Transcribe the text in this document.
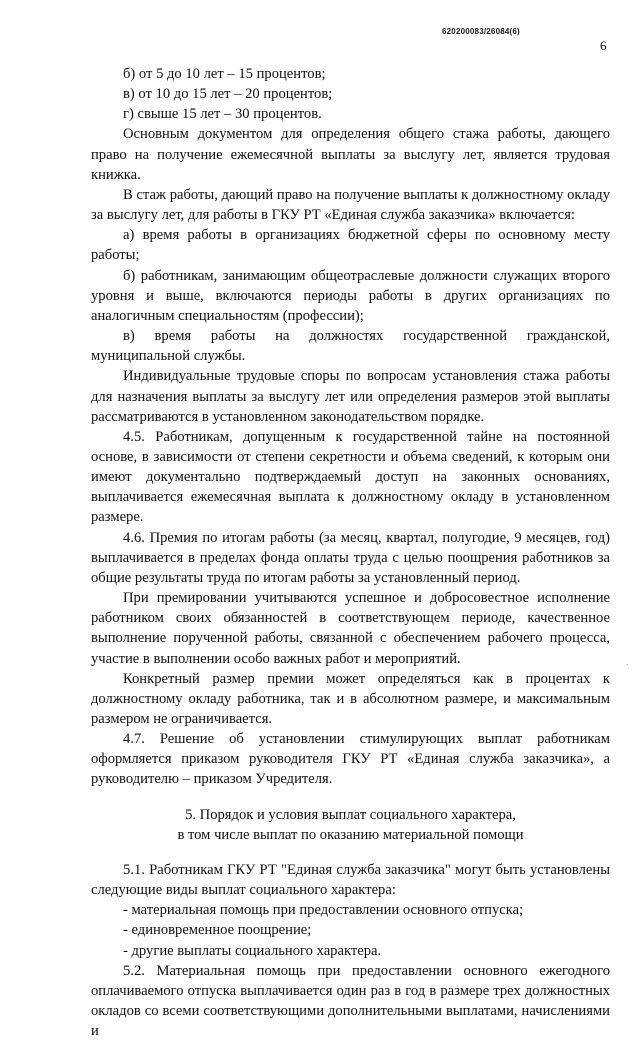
620200083/26084(6)
6

б) от 5 до 10 лет – 15 процентов;

в) от 10 до 15 лет – 20 процентов;

г) свыше 15 лет – 30 процентов.

Основным документом для определения общего стажа работы, дающего право на получение ежемесячной выплаты за выслугу лет, является трудовая книжка.

В стаж работы, дающий право на получение выплаты к должностному окладу за выслугу лет, для работы в ГКУ РТ «Единая служба заказчика» включается:

а) время работы в организациях бюджетной сферы по основному месту работы;

б) работникам, занимающим общеотраслевые должности служащих второго уровня и выше, включаются периоды работы в других организациях по аналогичным специальностям (профессии);

в) время работы на должностях государственной гражданской, муниципальной службы.

Индивидуальные трудовые споры по вопросам установления стажа работы для назначения выплаты за выслугу лет или определения размеров этой выплаты рассматриваются в установленном законодательством порядке.

4.5. Работникам, допущенным к государственной тайне на постоянной основе, в зависимости от степени секретности и объема сведений, к которым они имеют документально подтверждаемый доступ на законных основаниях, выплачивается ежемесячная выплата к должностному окладу в установленном размере.

4.6. Премия по итогам работы (за месяц, квартал, полугодие, 9 месяцев, год) выплачивается в пределах фонда оплаты труда с целью поощрения работников за общие результаты труда по итогам работы за установленный период.

При премировании учитываются успешное и добросовестное исполнение работником своих обязанностей в соответствующем периоде, качественное выполнение порученной работы, связанной с обеспечением рабочего процесса, участие в выполнении особо важных работ и мероприятий.

Конкретный размер премии может определяться как в процентах к должностному окладу работника, так и в абсолютном размере, и максимальным размером не ограничивается.

4.7. Решение об установлении стимулирующих выплат работникам оформляется приказом руководителя ГКУ РТ «Единая служба заказчика», а руководителю – приказом Учредителя.

5. Порядок и условия выплат социального характера,
в том числе выплат по оказанию материальной помощи

5.1. Работникам ГКУ РТ "Единая служба заказчика" могут быть установлены следующие виды выплат социального характера:

- материальная помощь при предоставлении основного отпуска;

- единовременное поощрение;

- другие выплаты социального характера.

5.2. Материальная помощь при предоставлении основного ежегодного оплачиваемого отпуска выплачивается один раз в год в размере трех должностных окладов со всеми соответствующими дополнительными выплатами, начислениями и

·
